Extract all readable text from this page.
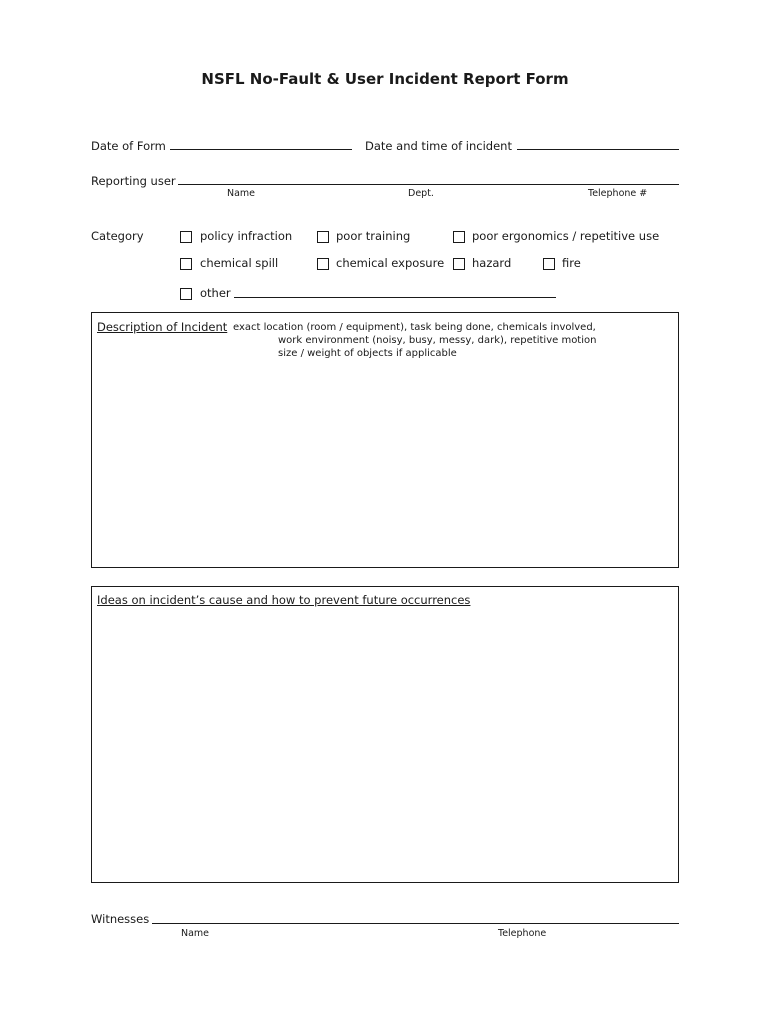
NSFL No-Fault & User Incident Report Form
Date of Form	Date and time of incident
Reporting user
Name	Dept.	Telephone #
Category	policy infraction	poor training	poor ergonomics / repetitive use
chemical spill	chemical exposure hazard	fire
other
Description of Incident exact location (room / equipment), task being done, chemicals involved,
work environment (noisy, busy, messy, dark), repetitive motion
size / weight of objects if applicable
Ideas on incident’s cause and how to prevent future occurrences
Witnesses
Name	Telephone
